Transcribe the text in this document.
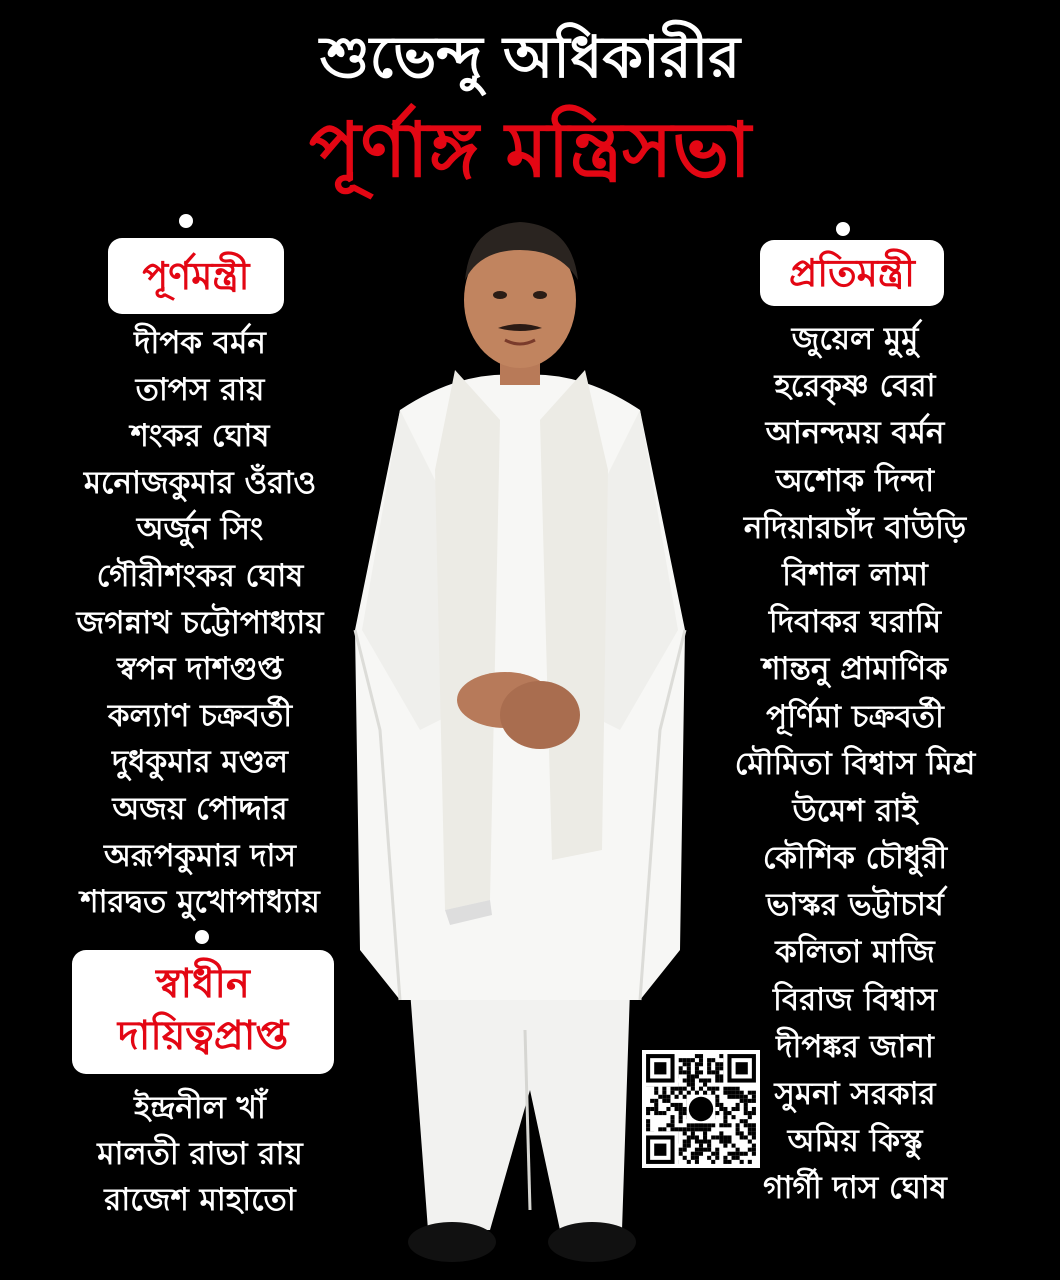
শুভেন্দু অধিকারীর
পূর্ণাঙ্গ মন্ত্রিসভা
পূর্ণমন্ত্রী
দীপক বর্মন
তাপস রায়
শংকর ঘোষ
মনোজকুমার ওঁরাও
অর্জুন সিং
গৌরীশংকর ঘোষ
জগন্নাথ চট্টোপাধ্যায়
স্বপন দাশগুপ্ত
কল্যাণ চক্রবর্তী
দুধকুমার মণ্ডল
অজয় পোদ্দার
অরূপকুমার দাস
শারদ্বত মুখোপাধ্যায়
স্বাধীন
দায়িত্বপ্রাপ্ত
ইন্দ্রনীল খাঁ
মালতী রাভা রায়
রাজেশ মাহাতো
প্রতিমন্ত্রী
জুয়েল মুর্মু
হরেকৃষ্ণ বেরা
আনন্দময় বর্মন
অশোক দিন্দা
নদিয়ারচাঁদ বাউড়ি
বিশাল লামা
দিবাকর ঘরামি
শান্তনু প্রামাণিক
পূর্ণিমা চক্রবর্তী
মৌমিতা বিশ্বাস মিশ্র
উমেশ রাই
কৌশিক চৌধুরী
ভাস্কর ভট্টাচার্য
কলিতা মাজি
বিরাজ বিশ্বাস
দীপঙ্কর জানা
সুমনা সরকার
অমিয় কিস্কু
গার্গী দাস ঘোষ
